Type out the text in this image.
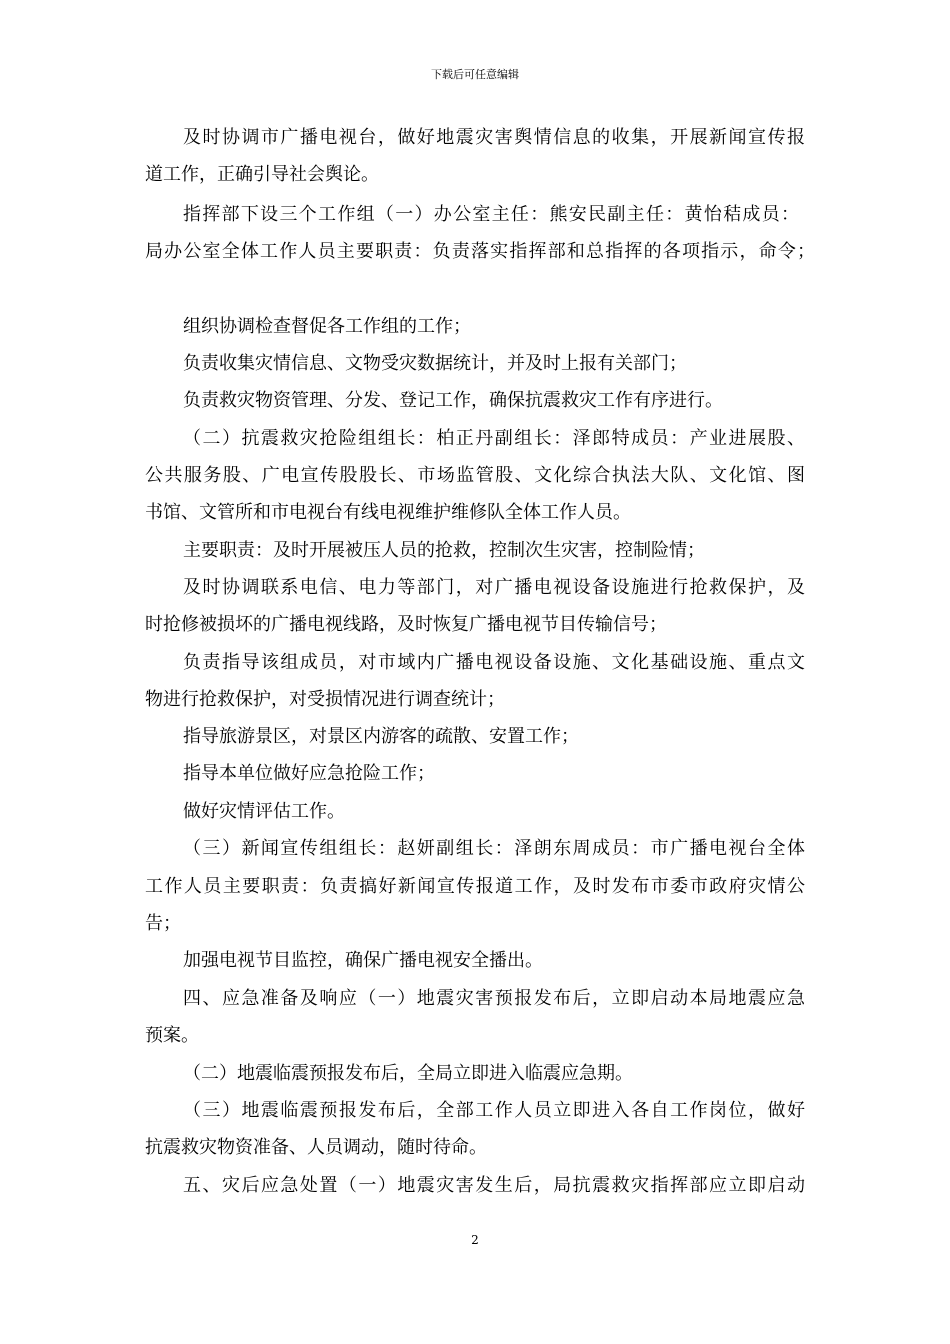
下载后可任意编辑
及时协调市广播电视台，做好地震灾害舆情信息的收集，开展新闻宣传报
道工作，正确引导社会舆论。
指挥部下设三个工作组（一）办公室主任：熊安民副主任：黄怡秸成员：
局办公室全体工作人员主要职责：负责落实指挥部和总指挥的各项指示，命令；
组织协调检查督促各工作组的工作；
负责收集灾情信息、文物受灾数据统计，并及时上报有关部门；
负责救灾物资管理、分发、登记工作，确保抗震救灾工作有序进行。
（二）抗震救灾抢险组组长：柏正丹副组长：泽郎特成员：产业进展股、
公共服务股、广电宣传股股长、市场监管股、文化综合执法大队、文化馆、图
书馆、文管所和市电视台有线电视维护维修队全体工作人员。
主要职责：及时开展被压人员的抢救，控制次生灾害，控制险情；
及时协调联系电信、电力等部门，对广播电视设备设施进行抢救保护，及
时抢修被损坏的广播电视线路，及时恢复广播电视节目传输信号；
负责指导该组成员，对市域内广播电视设备设施、文化基础设施、重点文
物进行抢救保护，对受损情况进行调查统计；
指导旅游景区，对景区内游客的疏散、安置工作；
指导本单位做好应急抢险工作；
做好灾情评估工作。
（三）新闻宣传组组长：赵妍副组长：泽朗东周成员：市广播电视台全体
工作人员主要职责：负责搞好新闻宣传报道工作，及时发布市委市政府灾情公
告；
加强电视节目监控，确保广播电视安全播出。
四、应急准备及响应（一）地震灾害预报发布后，立即启动本局地震应急
预案。
（二）地震临震预报发布后，全局立即进入临震应急期。
（三）地震临震预报发布后，全部工作人员立即进入各自工作岗位，做好
抗震救灾物资准备、人员调动，随时待命。
五、灾后应急处置（一）地震灾害发生后，局抗震救灾指挥部应立即启动
2
